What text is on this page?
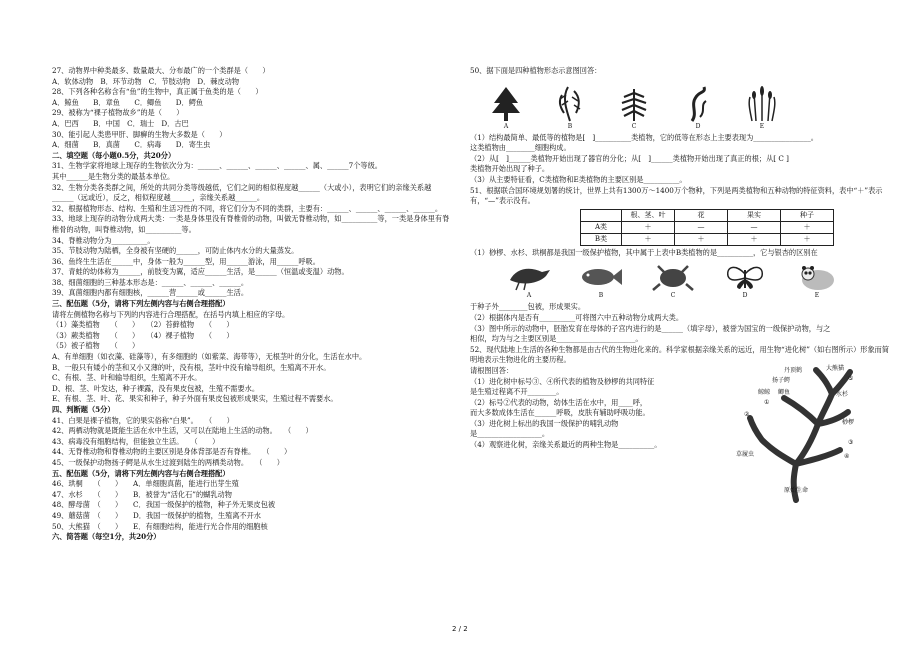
27、动物界中种类最多、数量最大、分布最广的一个类群是（　　）
A．软体动物　B．环节动物　C．节肢动物　D．棘皮动物
28、下列各种名称含有“鱼”的生物中，真正属于鱼类的是（　　）
A．鲸鱼　　B．章鱼　　C．鲫鱼　　D．鳄鱼
29、被称为“裸子植物故乡”的是（　　）
A．巴西　　B．中国　C．瑞士　D．古巴
30、能引起人类患甲肝、脚癣的生物大多数是（　　）
A．细菌　　B．真菌　　C．病毒　　D．寄生虫
二、填空题（每小题0.5分，共20分）
31、生物学家将地球上现存的生物依次分为：______、______、______、______、属、______7个等级。
其中______是生物分类的最基本单位。
32、生物分类各类群之间，所处的共同分类等级越低，它们之间的相似程度越______（大或小），表明它们的亲缘关系越______（远或近），反之，相似程度越______，亲缘关系越______。
32、根据植物形态、结构、生殖和生活习性的不同，将它们分为不同的类群，主要有：______、______、______、______。
33、地球上现存的动物分成两大类：一类是身体里没有脊椎骨的动物，叫做无脊椎动物，如__________等，一类是身体里有脊椎骨的动物，叫脊椎动物，如__________等。
34、脊椎动物分为__________。
35、节肢动物为陆栖，全身被有坚硬的______，可防止体内水分的大量蒸发。
36、鱼终生生活在______中，身体一般为______型，用______游泳，用______呼吸。
37、青蛙的幼体称为______，前肢变为翼，适应______生活，是______（恒温或变温）动物。
38、细菌细胞的三种基本形态是：______、______、______。
39、真菌细胞内都有细胞核，______营______或______生活。
三、配伍题（5分，请将下列左侧内容与右侧合理搭配）
请将左侧植物名称与下列的内容进行合理搭配，在括号内填上相应的字母。
（1）藻类植物　　（　　）　　（2）苔藓植物　　（　　）
（3）蕨类植物　　（　　）　　（4）裸子植物　　（　　）
（5）被子植物　　（　　）
A、有单细胞（如衣藻、硅藻等），有多细胞的（如紫菜、海带等），无根茎叶的分化，生活在水中。
B、一般只有矮小的茎和又小又薄的叶，没有根，茎叶中没有输导组织，生殖离不开水。
C、有根、茎、叶和输导组织，生殖离不开水。
D、根、茎、叶发达，种子裸露，没有果皮包被，生殖不需要水。
E、有根、茎、叶、花、果实和种子，种子外面有果皮包被形成果实，生殖过程不需要水。
四、判断题（5分）
41、白果是裸子植物，它的果实俗称“白果”。　　（　　）
42、两栖动物就是既能生活在水中生活，又可以在陆地上生活的动物。　　（　　）
43、病毒没有细胞结构，但能独立生活。　　（　　）
44、无脊椎动物和脊椎动物的主要区别是身体背部是否有脊椎。　　（　　）
45、一级保护动物扬子鳄是从水生过渡到陆生的两栖类动物。　　（　　）
五、配伍题（5分，请将下列左侧内容与右侧合理搭配）
46、珙桐　　（　　）　　A．单细胞真菌，能进行出芽生殖
47、水杉　　（　　）　　B．被誉为“活化石”的蝴乳动物
48、酵母菌　（　　）　　C．我国一级保护的植物，种子外无果皮包被
49、蘑菇菌　（　　）　　D．我国一级保护的植物，生殖离不开水
50、大熊猫　（　　）　　E．有细胞结构，能进行光合作用的细胞核
六、简答题（每空1分，共20分）
50、据下面是四种植物形态示意图回答：
A	B	C	D	E
（1）结构最简单、最低等的植物是[　]__________类植物，它的低等在形态上主要表现为________________。
这类植物由________细胞构成。
（2）从[　]______类植物开始出现了器官的分化；从[　]______类植物开始出现了真正的根；从[ C ]
类植物开始出现了种子。
（3）从主要特征看，C类植物和E类植物的主要区别是__________。
51、根据联合国环境规划署的统计，世界上共有1300万～1400万个物种，下列是两类植物和五种动物的特征资料，表中“＋”表示有，“—”表示没有。
	根、茎、叶	花	果实	种子
A类	＋	—	—	＋
B类	＋	＋	＋	＋
（1）桫椤、水杉、珙桐都是我国一级保护植物，其中属于上表中B类植物的是__________，它与银杏的区别在
A	B	C	D	E
于种子外________包被，形成果实。
（2）根据体内是否有__________可将图六中五种动物分成两大类。
（3）图中所示的动物中，胚胎发育在母体的子宫内进行的是______（填字母），被誉为国宝的一级保护动物，与之
相似，均为与之主要区别是______________________。
52、现代陆地上生活的各种生物都是由古代的生物进化来的。科学家根据亲缘关系的远近，用生物“进化树”（如右图所示）形象而简明地表示生物进化的主要历程。
请根图回答：
（1）进化树中标号③、④所代表的植物及桫椤的共同特征
是生殖过程离不开________。
（2）标号②代表的动物，幼体生活在水中，用____呼，
而大多数成体生活在______呼吸，皮肤有辅助呼吸功能。
（3）进化树上标出的我国一级保护的哺乳动物
是__________________。
（4）观察进化树，亲缘关系最近的两种生物是__________。
丹顶鹤	大熊猫
扬子鳄	⑤
鲸鲸 鲫鱼	水杉
①
②
桫椤
③
④
草履虫
原始生命
2 / 2
